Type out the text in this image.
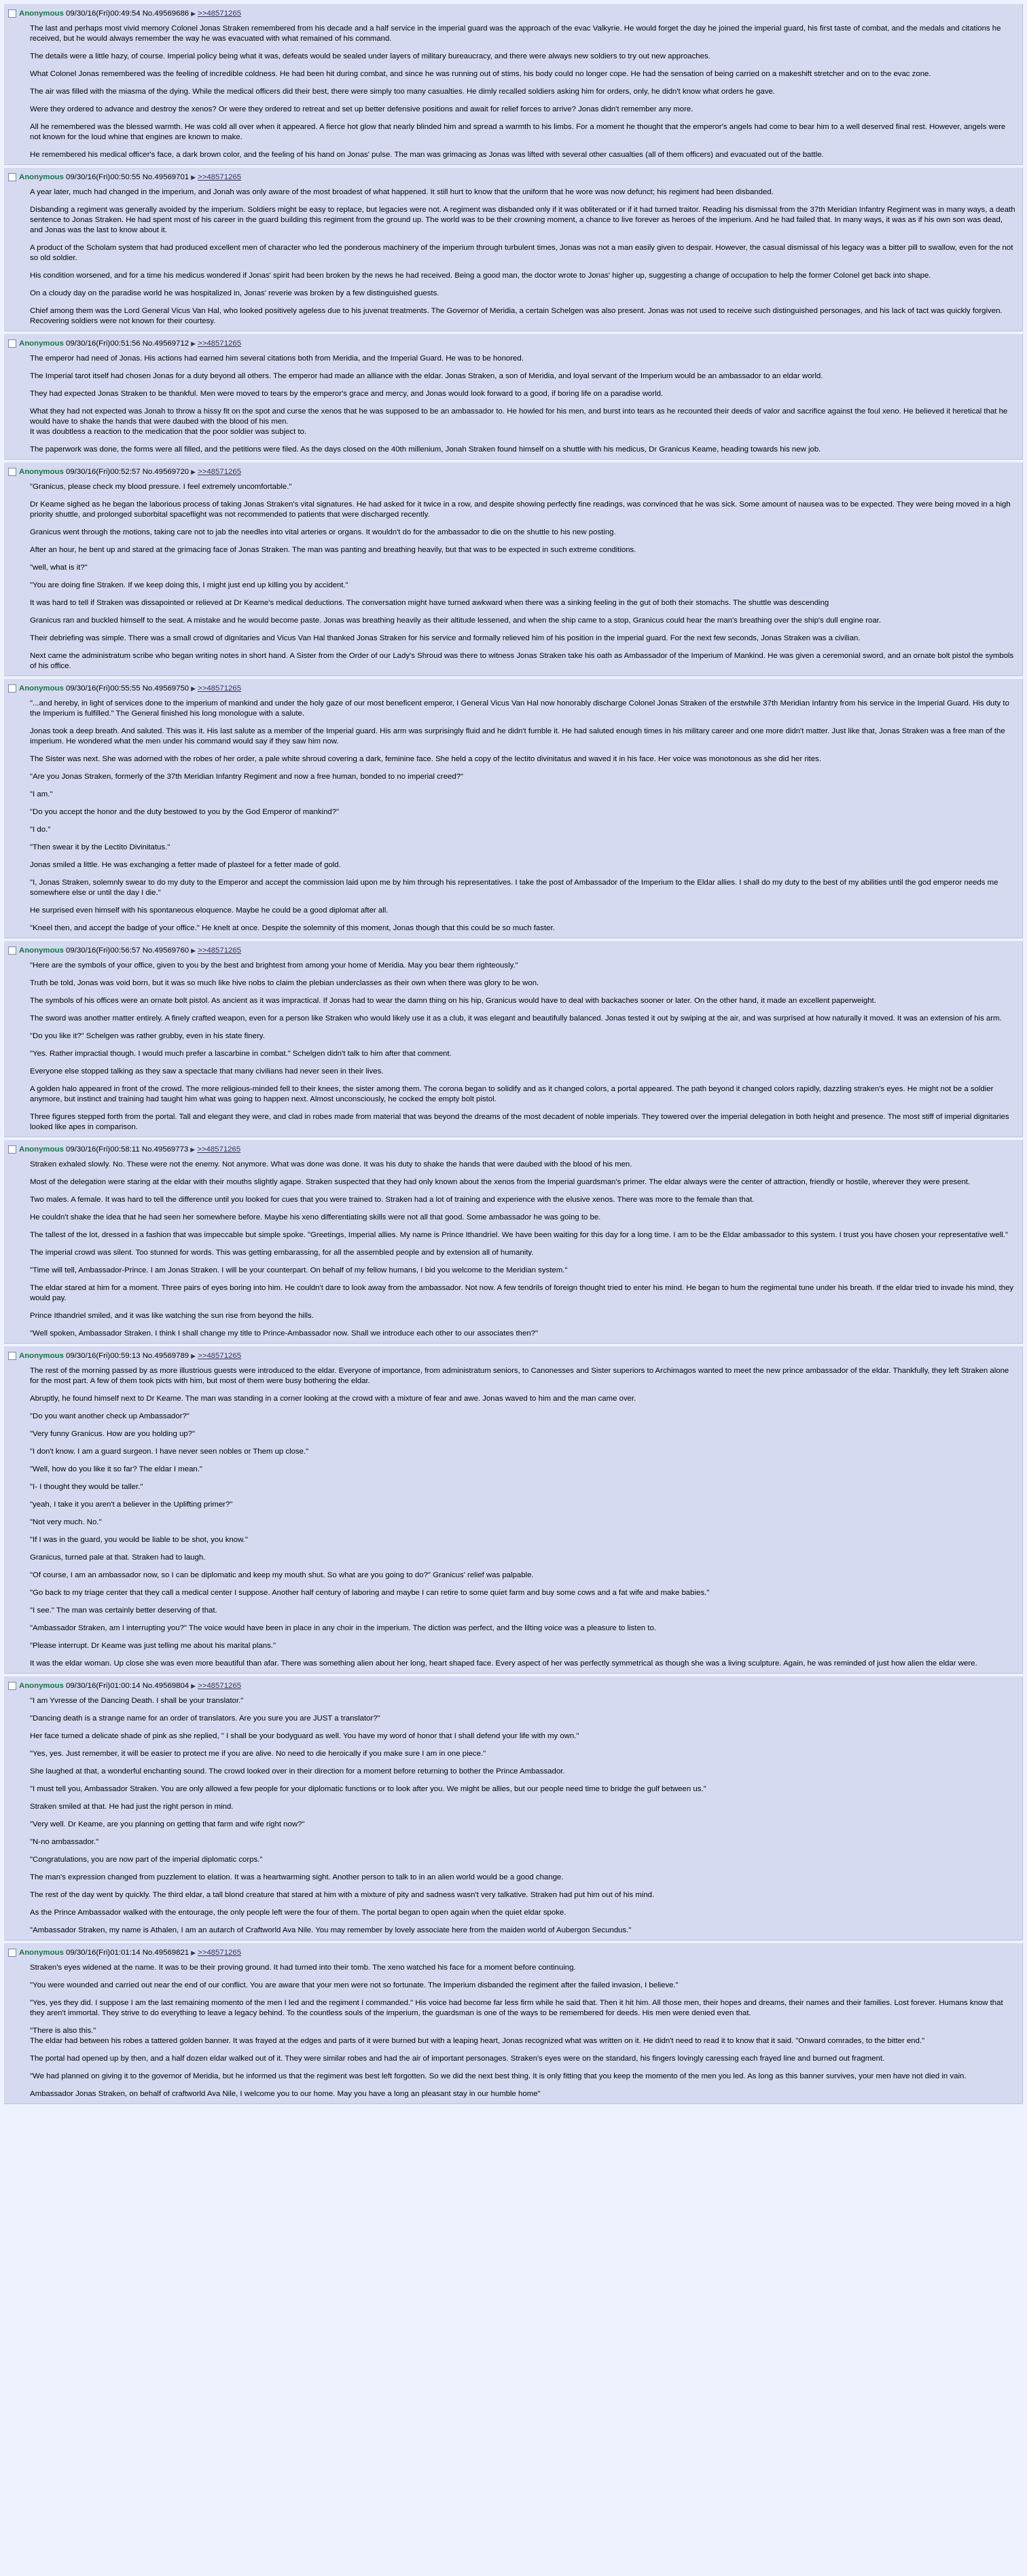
Anonymous 09/30/16(Fri)00:49:54 No.49569686 ▶ >>48571265

The last and perhaps most vivid memory Colonel Jonas Straken remembered from his decade and a half service in the imperial guard was the approach of the evac Valkyrie. He would forget the day he joined the imperial guard, his first taste of combat, and the medals and citations he received, but he would always remember the way he was evacuated with what remained of his command.

The details were a little hazy, of course. Imperial policy being what it was, defeats would be sealed under layers of military bureaucracy, and there were always new soldiers to try out new approaches.

What Colonel Jonas remembered was the feeling of incredible coldness. He had been hit during combat, and since he was running out of stims, his body could no longer cope. He had the sensation of being carried on a makeshift stretcher and on to the evac zone.

The air was filled with the miasma of the dying. While the medical officers did their best, there were simply too many casualties. He dimly recalled soldiers asking him for orders, only, he didn't know what orders he gave.

Were they ordered to advance and destroy the xenos? Or were they ordered to retreat and set up better defensive positions and await for relief forces to arrive? Jonas didn't remember any more.

All he remembered was the blessed warmth. He was cold all over when it appeared. A fierce hot glow that nearly blinded him and spread a warmth to his limbs. For a moment he thought that the emperor's angels had come to bear him to a well deserved final rest. However, angels were not known for the loud whine that engines are known to make.

He remembered his medical officer's face, a dark brown color, and the feeling of his hand on Jonas' pulse. The man was grimacing as Jonas was lifted with several other casualties (all of them officers) and evacuated out of the battle.

Anonymous 09/30/16(Fri)00:50:55 No.49569701 ▶ >>48571265

A year later, much had changed in the imperium, and Jonah was only aware of the most broadest of what happened. It still hurt to know that the uniform that he wore was now defunct; his regiment had been disbanded.

Disbanding a regiment was generally avoided by the imperium. Soldiers might be easy to replace, but legacies were not. A regiment was disbanded only if it was obliterated or if it had turned traitor. Reading his dismissal from the 37th Meridian Infantry Regiment was in many ways, a death sentence to Jonas Straken. He had spent most of his career in the guard building this regiment from the ground up. The world was to be their crowning moment, a chance to live forever as heroes of the imperium. And he had failed that. In many ways, it was as if his own son was dead, and Jonas was the last to know about it.

A product of the Scholam system that had produced excellent men of character who led the ponderous machinery of the imperium through turbulent times, Jonas was not a man easily given to despair. However, the casual dismissal of his legacy was a bitter pill to swallow, even for the not so old soldier.

His condition worsened, and for a time his medicus wondered if Jonas' spirit had been broken by the news he had received. Being a good man, the doctor wrote to Jonas' higher up, suggesting a change of occupation to help the former Colonel get back into shape.

On a cloudy day on the paradise world he was hospitalized in, Jonas' reverie was broken by a few distinguished guests.

Chief among them was the Lord General Vicus Van Hal, who looked positively ageless due to his juvenat treatments. The Governor of Meridia, a certain Schelgen was also present. Jonas was not used to receive such distinguished personages, and his lack of tact was quickly forgiven. Recovering soldiers were not known for their courtesy.

Anonymous 09/30/16(Fri)00:51:56 No.49569712 ▶ >>48571265

The emperor had need of Jonas. His actions had earned him several citations both from Meridia, and the Imperial Guard. He was to be honored.

The Imperial tarot itself had chosen Jonas for a duty beyond all others. The emperor had made an alliance with the eldar. Jonas Straken, a son of Meridia, and loyal servant of the Imperium would be an ambassador to an eldar world.

They had expected Jonas Straken to be thankful. Men were moved to tears by the emperor's grace and mercy, and Jonas would look forward to a good, if boring life on a paradise world.

What they had not expected was Jonah to throw a hissy fit on the spot and curse the xenos that he was supposed to be an ambassador to. He howled for his men, and burst into tears as he recounted their deeds of valor and sacrifice against the foul xeno. He believed it heretical that he would have to shake the hands that were daubed with the blood of his men.
It was doubtless a reaction to the medication that the poor soldier was subject to.

The paperwork was done, the forms were all filled, and the petitions were filed. As the days closed on the 40th millenium, Jonah Straken found himself on a shuttle with his medicus, Dr Granicus Keame, heading towards his new job.

Anonymous 09/30/16(Fri)00:52:57 No.49569720 ▶ >>48571265

"Granicus, please check my blood pressure. I feel extremely uncomfortable."

Dr Keame sighed as he began the laborious process of taking Jonas Straken's vital signatures. He had asked for it twice in a row, and despite showing perfectly fine readings, was convinced that he was sick. Some amount of nausea was to be expected. They were being moved in a high priority shuttle, and prolonged suborbital spaceflight was not recommended to patients that were discharged recently.

Granicus went through the motions, taking care not to jab the needles into vital arteries or organs. It wouldn't do for the ambassador to die on the shuttle to his new posting.

After an hour, he bent up and stared at the grimacing face of Jonas Straken. The man was panting and breathing heavily, but that was to be expected in such extreme conditions.

"well, what is it?"

"You are doing fine Straken. If we keep doing this, I might just end up killing you by accident."

It was hard to tell if Straken was dissapointed or relieved at Dr Keame's medical deductions. The conversation might have turned awkward when there was a sinking feeling in the gut of both their stomachs. The shuttle was descending

Granicus ran and buckled himself to the seat. A mistake and he would become paste. Jonas was breathing heavily as their altitude lessened, and when the ship came to a stop, Granicus could hear the man's breathing over the ship's dull engine roar.

Their debriefing was simple. There was a small crowd of dignitaries and Vicus Van Hal thanked Jonas Straken for his service and formally relieved him of his position in the imperial guard. For the next few seconds, Jonas Straken was a civilian.

Next came the administratum scribe who began writing notes in short hand. A Sister from the Order of our Lady's Shroud was there to witness Jonas Straken take his oath as Ambassador of the Imperium of Mankind. He was given a ceremonial sword, and an ornate bolt pistol the symbols of his office.

Anonymous 09/30/16(Fri)00:55:55 No.49569750 ▶ >>48571265

"...and hereby, in light of services done to the imperium of mankind and under the holy gaze of our most beneficent emperor, I General Vicus Van Hal now honorably discharge Colonel Jonas Straken of the erstwhile 37th Meridian Infantry from his service in the Imperial Guard. His duty to the Imperium is fulfilled." The General finished his long monologue with a salute.

Jonas took a deep breath. And saluted. This was it. His last salute as a member of the Imperial guard. His arm was surprisingly fluid and he didn't fumble it. He had saluted enough times in his military career and one more didn't matter. Just like that, Jonas Straken was a free man of the imperium. He wondered what the men under his command would say if they saw him now.

The Sister was next. She was adorned with the robes of her order, a pale white shroud covering a dark, feminine face. She held a copy of the lectito divinitatus and waved it in his face. Her voice was monotonous as she did her rites.

"Are you Jonas Straken, formerly of the 37th Meridian Infantry Regiment and now a free human, bonded to no imperial creed?"

"I am."

"Do you accept the honor and the duty bestowed to you by the God Emperor of mankind?"

"I do."

"Then swear it by the Lectito Divinitatus."

Jonas smiled a little. He was exchanging a fetter made of plasteel for a fetter made of gold.

"I, Jonas Straken, solemnly swear to do my duty to the Emperor and accept the commission laid upon me by him through his representatives. I take the post of Ambassador of the Imperium to the Eldar allies. I shall do my duty to the best of my abilities until the god emperor needs me somewhere else or until the day I die."

He surprised even himself with his spontaneous eloquence. Maybe he could be a good diplomat after all.

"Kneel then, and accept the badge of your office." He knelt at once. Despite the solemnity of this moment, Jonas though that this could be so much faster.

Anonymous 09/30/16(Fri)00:56:57 No.49569760 ▶ >>48571265

"Here are the symbols of your office, given to you by the best and brightest from among your home of Meridia. May you bear them righteously."

Truth be told, Jonas was void born, but it was so much like hive nobs to claim the plebian underclasses as their own when there was glory to be won.

The symbols of his offices were an ornate bolt pistol. As ancient as it was impractical. If Jonas had to wear the damn thing on his hip, Granicus would have to deal with backaches sooner or later. On the other hand, it made an excellent paperweight.

The sword was another matter entirely. A finely crafted weapon, even for a person like Straken who would likely use it as a club, it was elegant and beautifully balanced. Jonas tested it out by swiping at the air, and was surprised at how naturally it moved. It was an extension of his arm.

"Do you like it?" Schelgen was rather grubby, even in his state finery.

"Yes. Rather impractial though. I would much prefer a lascarbine in combat." Schelgen didn't talk to him after that comment.

Everyone else stopped talking as they saw a spectacle that many civilians had never seen in their lives.

A golden halo appeared in front of the crowd. The more religious-minded fell to their knees, the sister among them. The corona began to solidify and as it changed colors, a portal appeared. The path beyond it changed colors rapidly, dazzling straken's eyes. He might not be a soldier anymore, but instinct and training had taught him what was going to happen next. Almost unconsciously, he cocked the empty bolt pistol.

Three figures stepped forth from the portal. Tall and elegant they were, and clad in robes made from material that was beyond the dreams of the most decadent of noble imperials. They towered over the imperial delegation in both height and presence. The most stiff of imperial dignitaries looked like apes in comparison.

Anonymous 09/30/16(Fri)00:58:11 No.49569773 ▶ >>48571265

Straken exhaled slowly. No. These were not the enemy. Not anymore. What was done was done. It was his duty to shake the hands that were daubed with the blood of his men.

Most of the delegation were staring at the eldar with their mouths slightly agape. Straken suspected that they had only known about the xenos from the Imperial guardsman's primer. The eldar always were the center of attraction, friendly or hostile, wherever they were present.

Two males. A female. It was hard to tell the difference until you looked for cues that you were trained to. Straken had a lot of training and experience with the elusive xenos. There was more to the female than that.

He couldn't shake the idea that he had seen her somewhere before. Maybe his xeno differentiating skills were not all that good. Some ambassador he was going to be.

The tallest of the lot, dressed in a fashion that was impeccable but simple spoke. "Greetings, Imperial allies. My name is Prince Ithandriel. We have been waiting for this day for a long time. I am to be the Eldar ambassador to this system. I trust you have chosen your representative well."

The imperial crowd was silent. Too stunned for words. This was getting embarassing, for all the assembled people and by extension all of humanity.

"Time will tell, Ambassador-Prince. I am Jonas Straken. I will be your counterpart. On behalf of my fellow humans, I bid you welcome to the Meridian system."

The eldar stared at him for a moment. Three pairs of eyes boring into him. He couldn't dare to look away from the ambassador. Not now. A few tendrils of foreign thought tried to enter his mind. He began to hum the regimental tune under his breath. If the eldar tried to invade his mind, they would pay.

Prince Ithandriel smiled, and it was like watching the sun rise from beyond the hills.

"Well spoken, Ambassador Straken. I think I shall change my title to Prince-Ambassador now. Shall we introduce each other to our associates then?"

Anonymous 09/30/16(Fri)00:59:13 No.49569789 ▶ >>48571265

The rest of the morning passed by as more illustrious guests were introduced to the eldar. Everyone of importance, from administratum seniors, to Canonesses and Sister superiors to Archimagos wanted to meet the new prince ambassador of the eldar. Thankfully, they left Straken alone for the most part. A few of them took picts with him, but most of them were busy bothering the eldar.

Abruptly, he found himself next to Dr Keame. The man was standing in a corner looking at the crowd with a mixture of fear and awe. Jonas waved to him and the man came over.

"Do you want another check up Ambassador?"

"Very funny Granicus. How are you holding up?"

"I don't know. I am a guard surgeon. I have never seen nobles or Them up close."

"Well, how do you like it so far? The eldar I mean."

"I- I thought they would be taller."

"yeah, I take it you aren't a believer in the Uplifting primer?"

"Not very much. No."

"If I was in the guard, you would be liable to be shot, you know."

Granicus, turned pale at that. Straken had to laugh.

"Of course, I am an ambassador now, so I can be diplomatic and keep my mouth shut. So what are you going to do?" Granicus' relief was palpable.

"Go back to my triage center that they call a medical center I suppose. Another half century of laboring and maybe I can retire to some quiet farm and buy some cows and a fat wife and make babies."

"I see." The man was certainly better deserving of that.

"Ambassador Straken, am I interrupting you?" The voice would have been in place in any choir in the imperium. The diction was perfect, and the lilting voice was a pleasure to listen to.

"Please interrupt. Dr Keame was just telling me about his marital plans."

It was the eldar woman. Up close she was even more beautiful than afar. There was something alien about her long, heart shaped face. Every aspect of her was perfectly symmetrical as though she was a living sculpture. Again, he was reminded of just how alien the eldar were.

Anonymous 09/30/16(Fri)01:00:14 No.49569804 ▶ >>48571265

"I am Yvresse of the Dancing Death. I shall be your translator."

"Dancing death is a strange name for an order of translators. Are you sure you are JUST a translator?"

Her face turned a delicate shade of pink as she replied, " I shall be your bodyguard as well. You have my word of honor that I shall defend your life with my own."

"Yes, yes. Just remember, it will be easier to protect me if you are alive. No need to die heroically if you make sure I am in one piece."

She laughed at that, a wonderful enchanting sound. The crowd looked over in their direction for a moment before returning to bother the Prince Ambassador.

"I must tell you, Ambassador Straken. You are only allowed a few people for your diplomatic functions or to look after you. We might be allies, but our people need time to bridge the gulf between us."

Straken smiled at that. He had just the right person in mind.

"Very well. Dr Keame, are you planning on getting that farm and wife right now?"

"N-no ambassador."

"Congratulations, you are now part of the imperial diplomatic corps."

The man's expression changed from puzzlement to elation. It was a heartwarming sight. Another person to talk to in an alien world would be a good change.

The rest of the day went by quickly. The third eldar, a tall blond creature that stared at him with a mixture of pity and sadness wasn't very talkative. Straken had put him out of his mind.

As the Prince Ambassador walked with the entourage, the only people left were the four of them. The portal began to open again when the quiet eldar spoke.

"Ambassador Straken, my name is Athalen, I am an autarch of Craftworld Ava Nile. You may remember by lovely associate here from the maiden world of Aubergon Secundus."

Anonymous 09/30/16(Fri)01:01:14 No.49569821 ▶ >>48571265

Straken's eyes widened at the name. It was to be their proving ground. It had turned into their tomb. The xeno watched his face for a moment before continuing.

"You were wounded and carried out near the end of our conflict. You are aware that your men were not so fortunate. The Imperium disbanded the regiment after the failed invasion, I believe."

"Yes, yes they did. I suppose I am the last remaining momento of the men I led and the regiment I commanded." His voice had become far less firm while he said that. Then it hit him. All those men, their hopes and dreams, their names and their families. Lost forever. Humans know that they aren't immortal. They strive to do everything to leave a legacy behind. To the countless souls of the imperium, the guardsman is one of the ways to be remembered for deeds. His men were denied even that.

"There is also this."
The eldar had between his robes a tattered golden banner. It was frayed at the edges and parts of it were burned but with a leaping heart, Jonas recognized what was written on it. He didn't need to read it to know that it said. "Onward comrades, to the bitter end."

The portal had opened up by then, and a half dozen eldar walked out of it. They were similar robes and had the air of important personages. Straken's eyes were on the standard, his fingers lovingly caressing each frayed line and burned out fragment.

"We had planned on giving it to the governor of Meridia, but he informed us that the regiment was best left forgotten. So we did the next best thing. It is only fitting that you keep the momento of the men you led. As long as this banner survives, your men have not died in vain.

Ambassador Jonas Straken, on behalf of craftworld Ava Nile, I welcome you to our home. May you have a long an pleasant stay in our humble home"
